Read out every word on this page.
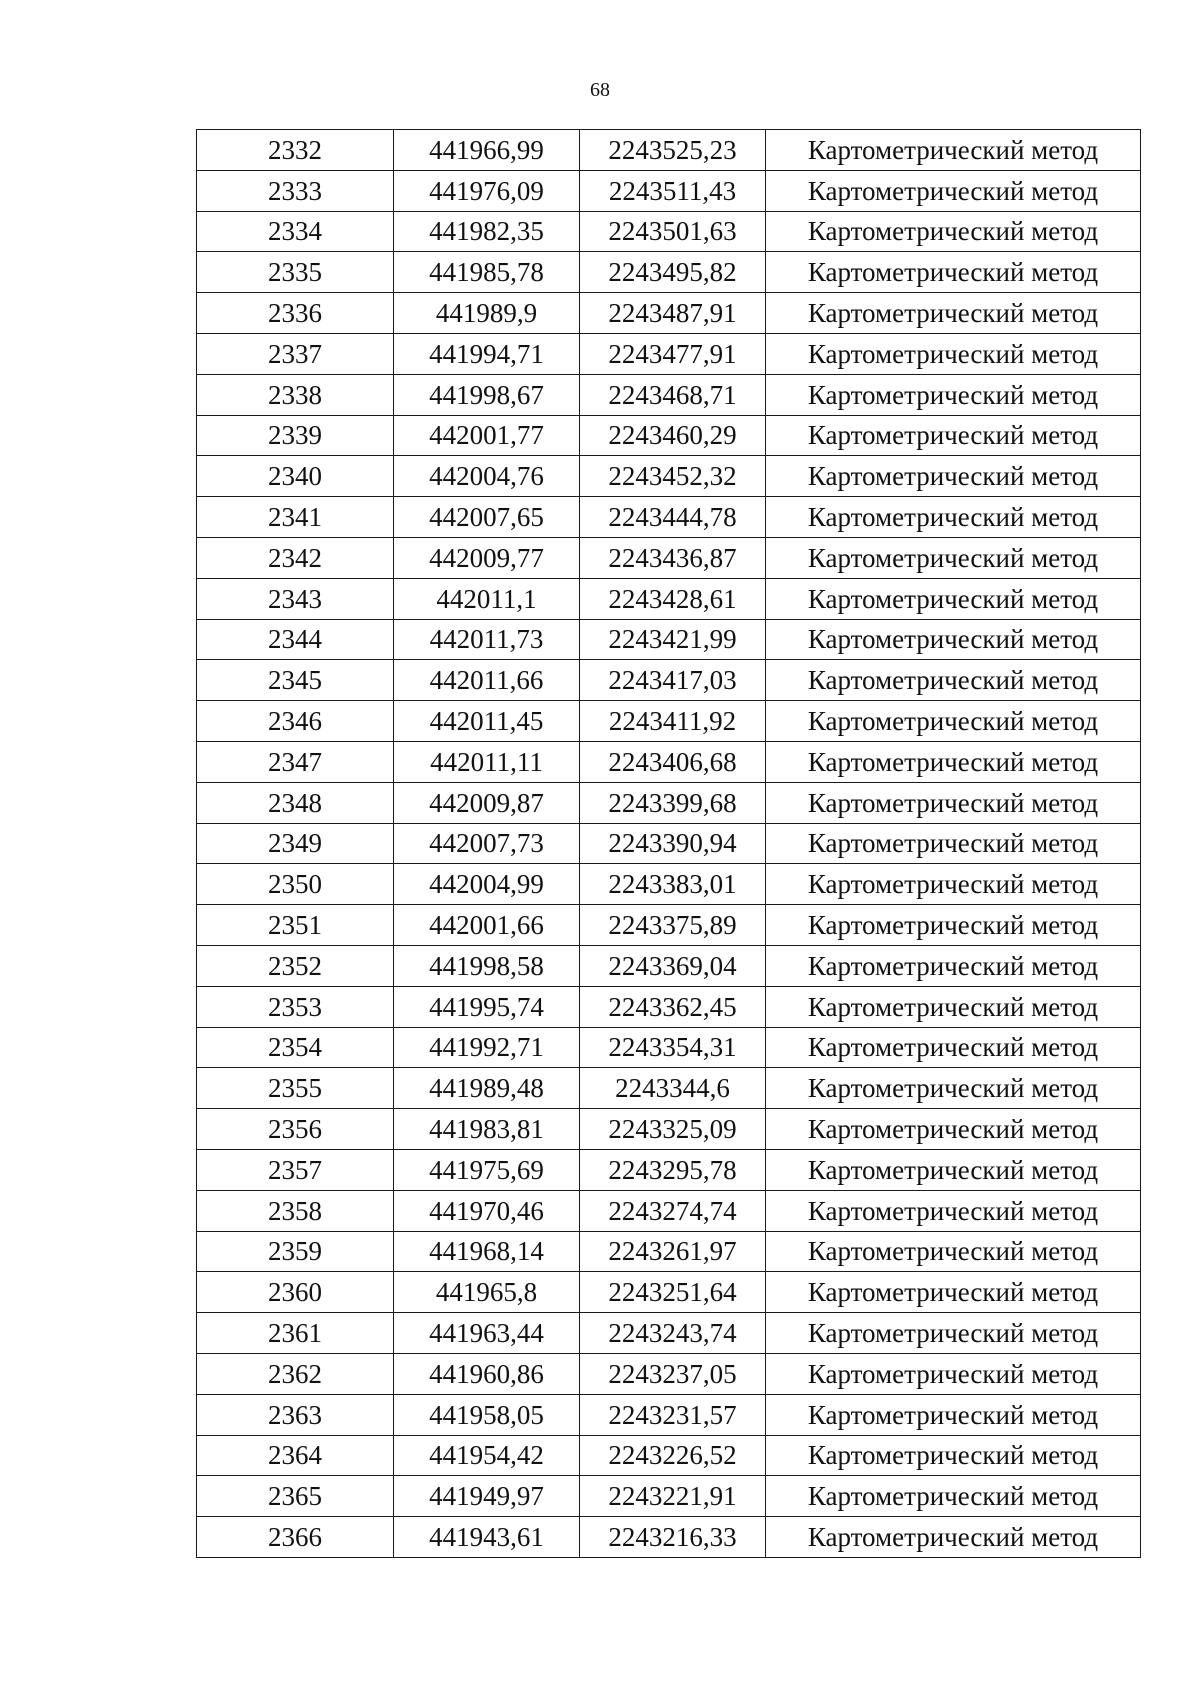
68
2332	441966,99	2243525,23	Картометрический метод
2333	441976,09	2243511,43	Картометрический метод
2334	441982,35	2243501,63	Картометрический метод
2335	441985,78	2243495,82	Картометрический метод
2336	441989,9	2243487,91	Картометрический метод
2337	441994,71	2243477,91	Картометрический метод
2338	441998,67	2243468,71	Картометрический метод
2339	442001,77	2243460,29	Картометрический метод
2340	442004,76	2243452,32	Картометрический метод
2341	442007,65	2243444,78	Картометрический метод
2342	442009,77	2243436,87	Картометрический метод
2343	442011,1	2243428,61	Картометрический метод
2344	442011,73	2243421,99	Картометрический метод
2345	442011,66	2243417,03	Картометрический метод
2346	442011,45	2243411,92	Картометрический метод
2347	442011,11	2243406,68	Картометрический метод
2348	442009,87	2243399,68	Картометрический метод
2349	442007,73	2243390,94	Картометрический метод
2350	442004,99	2243383,01	Картометрический метод
2351	442001,66	2243375,89	Картометрический метод
2352	441998,58	2243369,04	Картометрический метод
2353	441995,74	2243362,45	Картометрический метод
2354	441992,71	2243354,31	Картометрический метод
2355	441989,48	2243344,6	Картометрический метод
2356	441983,81	2243325,09	Картометрический метод
2357	441975,69	2243295,78	Картометрический метод
2358	441970,46	2243274,74	Картометрический метод
2359	441968,14	2243261,97	Картометрический метод
2360	441965,8	2243251,64	Картометрический метод
2361	441963,44	2243243,74	Картометрический метод
2362	441960,86	2243237,05	Картометрический метод
2363	441958,05	2243231,57	Картометрический метод
2364	441954,42	2243226,52	Картометрический метод
2365	441949,97	2243221,91	Картометрический метод
2366	441943,61	2243216,33	Картометрический метод
